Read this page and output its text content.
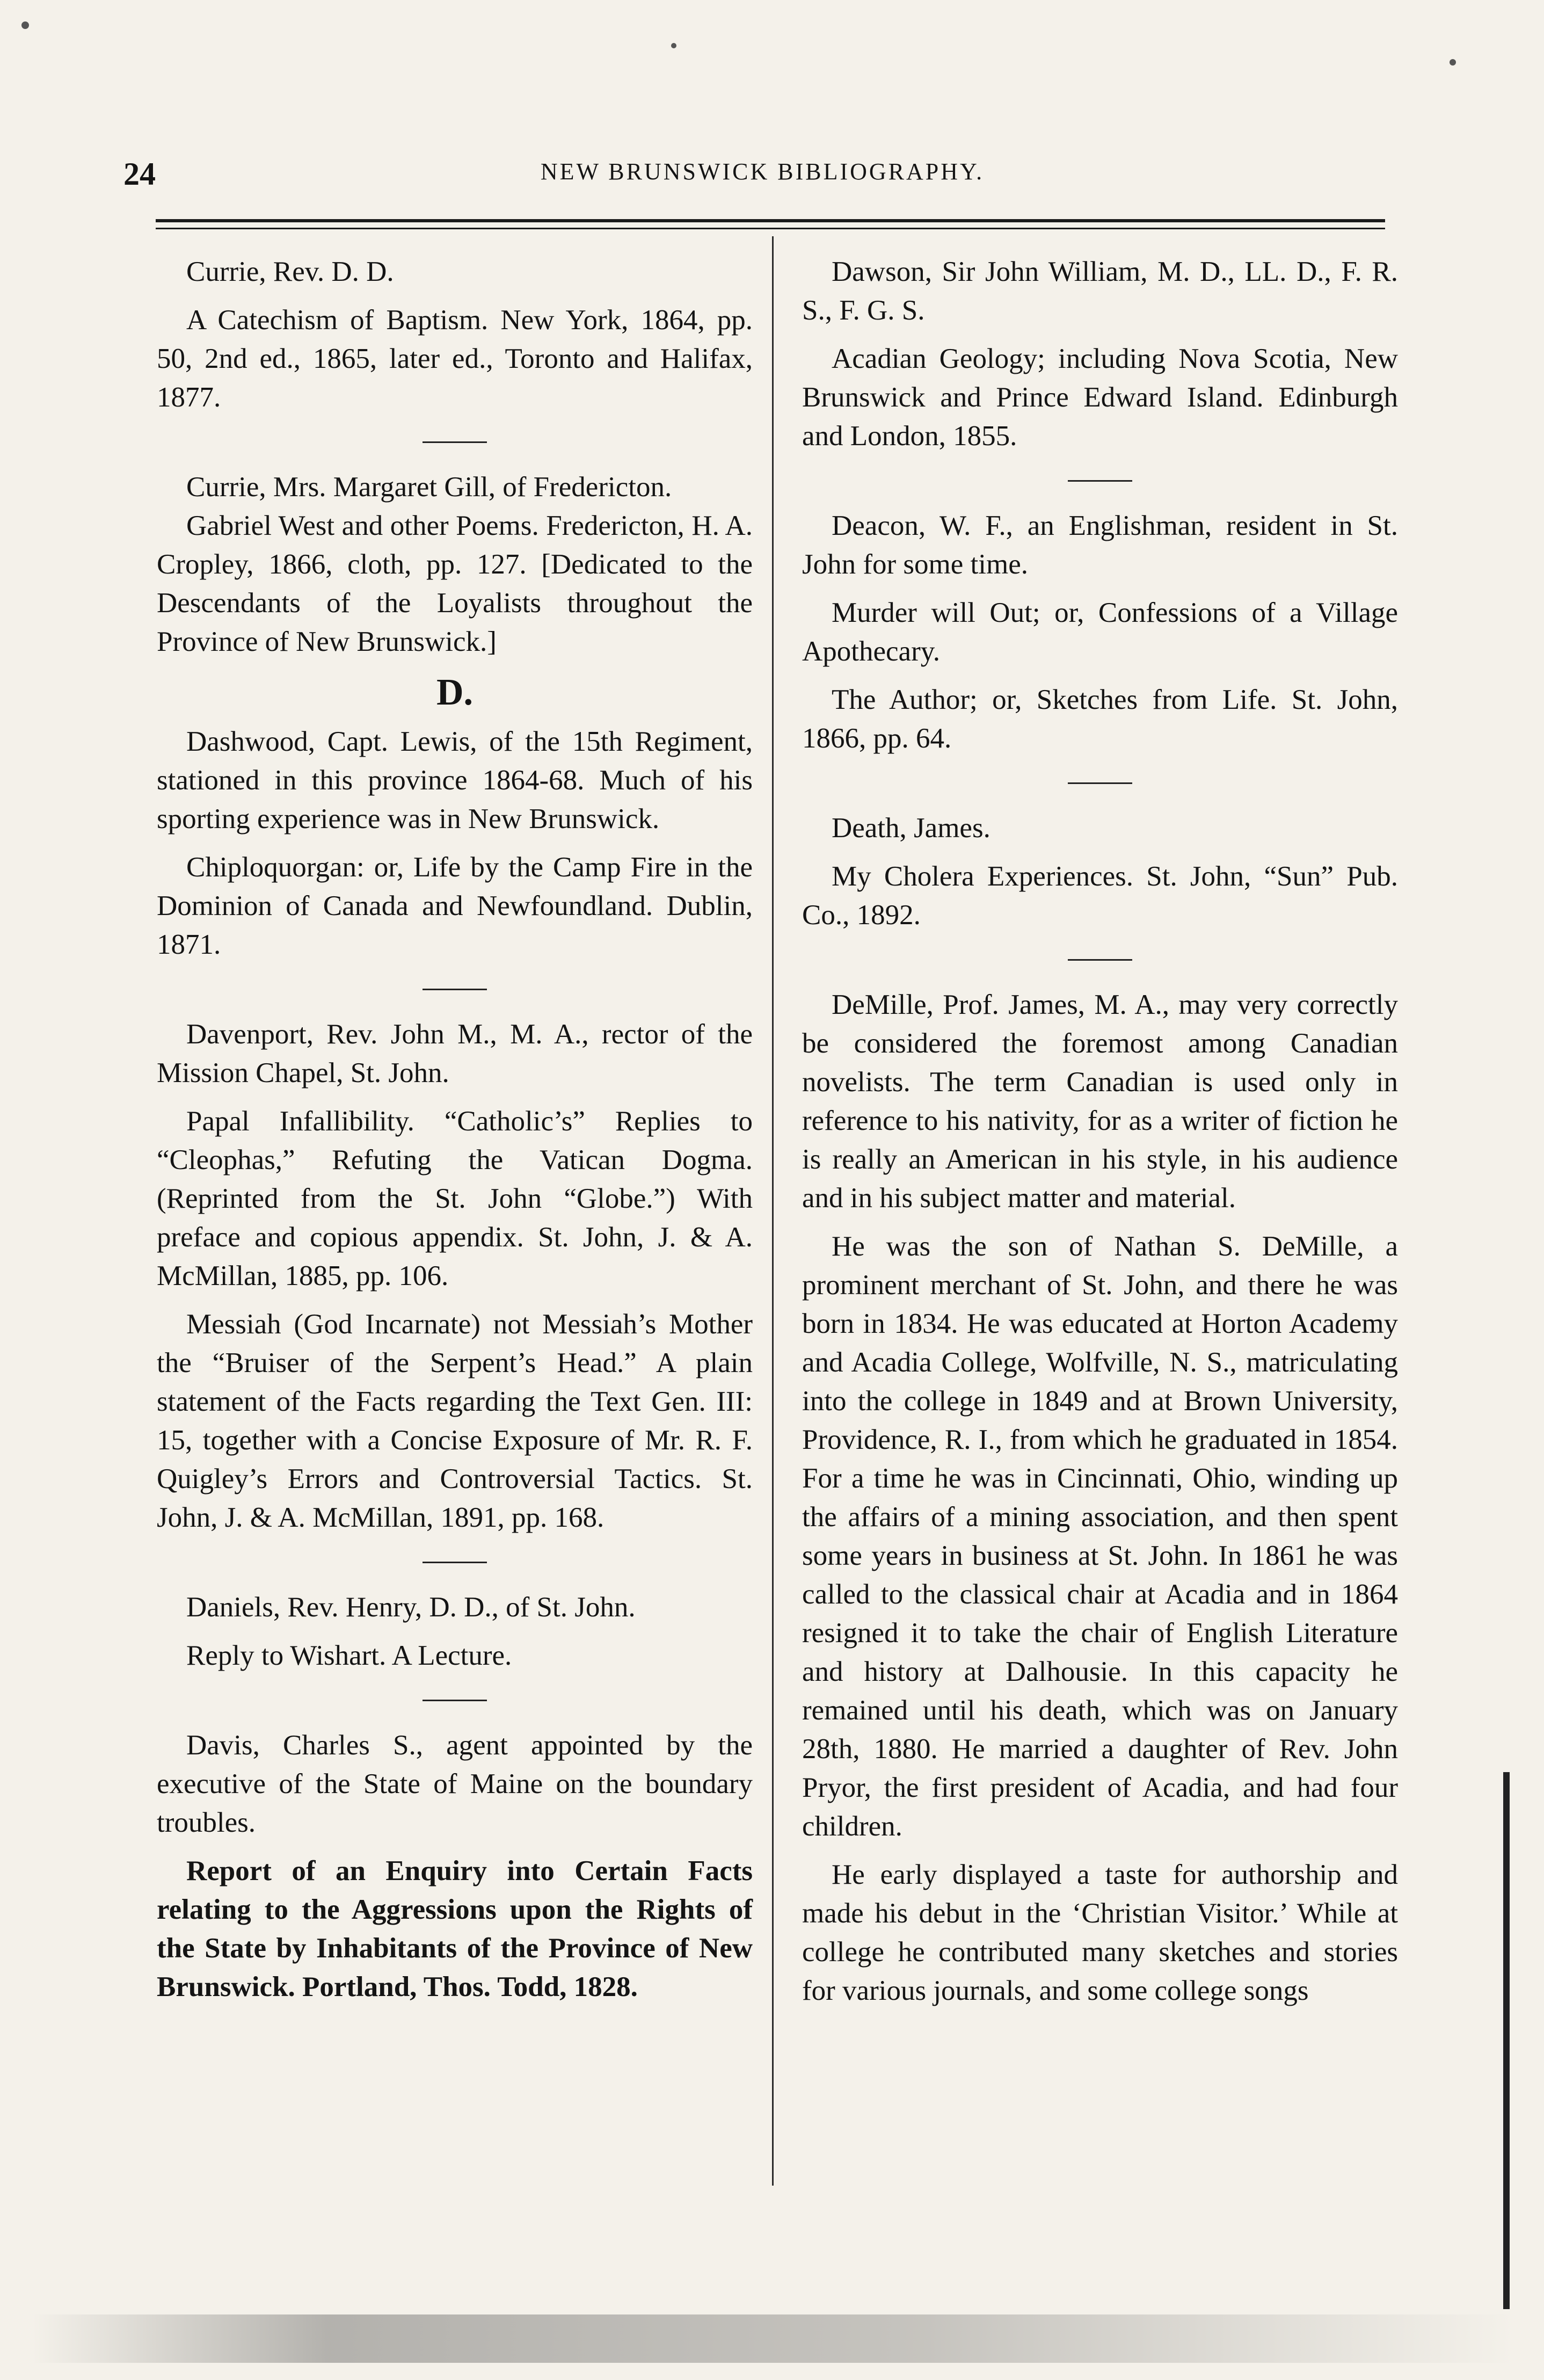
24	NEW BRUNSWICK BIBLIOGRAPHY.

Currie, Rev. D. D.

A Catechism of Baptism. New York, 1864, pp. 50, 2nd ed., 1865, later ed., Toronto and Halifax, 1877.

Currie, Mrs. Margaret Gill, of Fredericton.

Gabriel West and other Poems. Fredericton, H. A. Cropley, 1866, cloth, pp. 127. [Dedicated to the Descendants of the Loyalists throughout the Province of New Brunswick.]

D.

Dashwood, Capt. Lewis, of the 15th Regiment, stationed in this province 1864-68. Much of his sporting experience was in New Brunswick.

Chiploquorgan: or, Life by the Camp Fire in the Dominion of Canada and Newfoundland. Dublin, 1871.

Davenport, Rev. John M., M. A., rector of the Mission Chapel, St. John.

Papal Infallibility. “Catholic’s” Replies to “Cleophas,” Refuting the Vatican Dogma. (Reprinted from the St. John “Globe.”) With preface and copious appendix. St. John, J. & A. McMillan, 1885, pp. 106.

Messiah (God Incarnate) not Messiah’s Mother the “Bruiser of the Serpent’s Head.” A plain statement of the Facts regarding the Text Gen. III: 15, together with a Concise Exposure of Mr. R. F. Quigley’s Errors and Controversial Tactics. St. John, J. & A. McMillan, 1891, pp. 168.

Daniels, Rev. Henry, D. D., of St. John.

Reply to Wishart. A Lecture.

Davis, Charles S., agent appointed by the executive of the State of Maine on the boundary troubles.

Report of an Enquiry into Certain Facts relating to the Aggressions upon the Rights of the State by Inhabitants of the Province of New Brunswick. Portland, Thos. Todd, 1828.

Dawson, Sir John William, M. D., LL. D., F. R. S., F. G. S.

Acadian Geology; including Nova Scotia, New Brunswick and Prince Edward Island. Edinburgh and London, 1855.

Deacon, W. F., an Englishman, resident in St. John for some time.

Murder will Out; or, Confessions of a Village Apothecary.

The Author; or, Sketches from Life. St. John, 1866, pp. 64.

Death, James.

My Cholera Experiences. St. John, “Sun” Pub. Co., 1892.

DeMille, Prof. James, M. A., may very correctly be considered the foremost among Canadian novelists. The term Canadian is used only in reference to his nativity, for as a writer of fiction he is really an American in his style, in his audience and in his subject matter and material.

He was the son of Nathan S. DeMille, a prominent merchant of St. John, and there he was born in 1834. He was educated at Horton Academy and Acadia College, Wolfville, N. S., matriculating into the college in 1849 and at Brown University, Providence, R. I., from which he graduated in 1854. For a time he was in Cincinnati, Ohio, winding up the affairs of a mining association, and then spent some years in business at St. John. In 1861 he was called to the classical chair at Acadia and in 1864 resigned it to take the chair of English Literature and history at Dalhousie. In this capacity he remained until his death, which was on January 28th, 1880. He married a daughter of Rev. John Pryor, the first president of Acadia, and had four children.

He early displayed a taste for authorship and made his debut in the ‘Christian Visitor.’ While at college he contributed many sketches and stories for various journals, and some college songs
